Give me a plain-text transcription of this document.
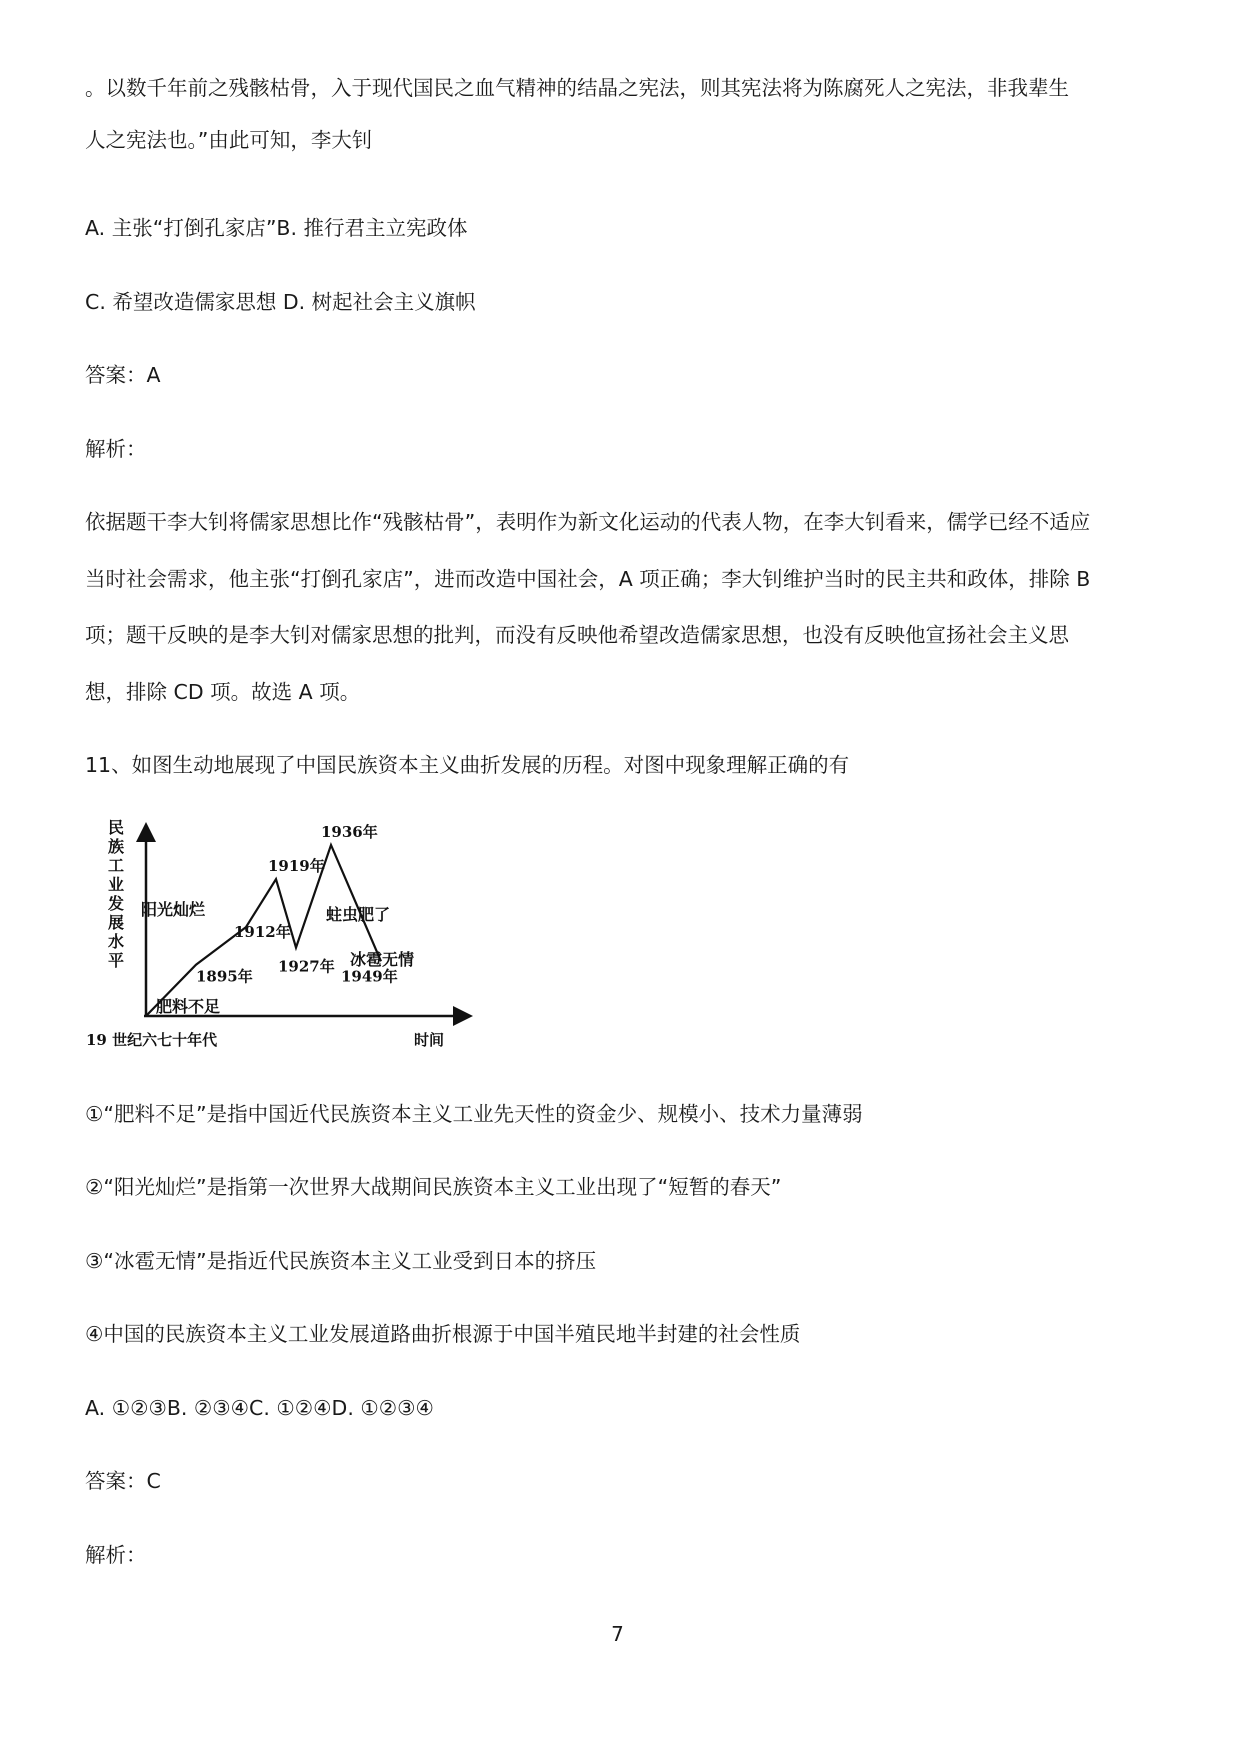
。以数千年前之残骸枯骨，入于现代国民之血气精神的结晶之宪法，则其宪法将为陈腐死人之宪法，非我辈生
人之宪法也。”由此可知，李大钊
A. 主张“打倒孔家店”B. 推行君主立宪政体
C. 希望改造儒家思想 D. 树起社会主义旗帜
答案：A
解析：
依据题干李大钊将儒家思想比作“残骸枯骨”，表明作为新文化运动的代表人物，在李大钊看来，儒学已经不适应
当时社会需求，他主张“打倒孔家店”，进而改造中国社会，A 项正确；李大钊维护当时的民主共和政体，排除 B
项；题干反映的是李大钊对儒家思想的批判，而没有反映他希望改造儒家思想，也没有反映他宣扬社会主义思
想，排除 CD 项。故选 A 项。
11、如图生动地展现了中国民族资本主义曲折发展的历程。对图中现象理解正确的有
①“肥料不足”是指中国近代民族资本主义工业先天性的资金少、规模小、技术力量薄弱
②“阳光灿烂”是指第一次世界大战期间民族资本主义工业出现了“短暂的春天”
③“冰雹无情”是指近代民族资本主义工业受到日本的挤压
④中国的民族资本主义工业发展道路曲折根源于中国半殖民地半封建的社会性质
A. ①②③B. ②③④C. ①②④D. ①②③④
答案：C
解析：
民
族
工
业
发
展
水
平
1895年
1912年
1919年
1927年
1936年
1949年
阳光灿烂
肥料不足
蛀虫肥了
冰雹无情
19 世纪六七十年代	时间
7
